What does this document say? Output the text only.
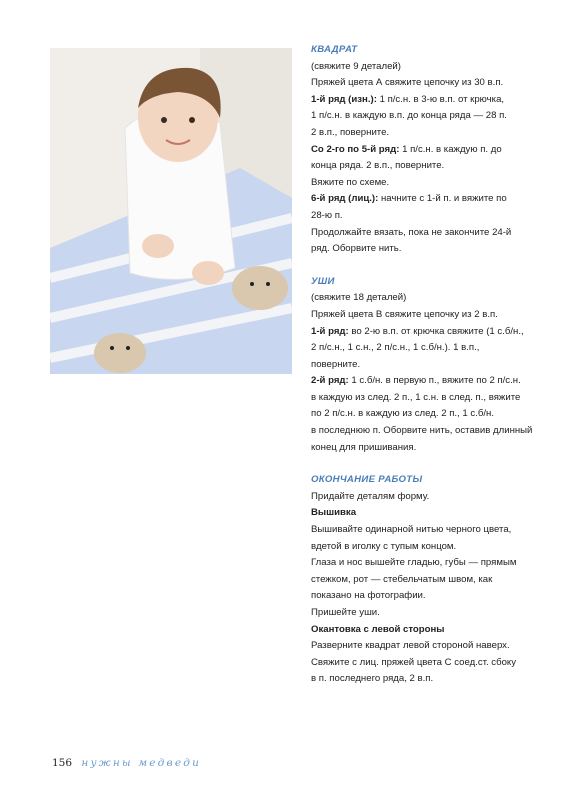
КВАДРАТ
(свяжите 9 деталей)
Пряжей цвета А свяжите цепочку из 30 в.п.
1-й ряд (изн.): 1 п/с.н. в 3-ю в.п. от крючка,
1 п/с.н. в каждую в.п. до конца ряда — 28 п.
2 в.п., поверните.
Со 2-го по 5-й ряд: 1 п/с.н. в каждую п. до
конца ряда. 2 в.п., поверните.
Вяжите по схеме.
6-й ряд (лиц.): начните с 1-й п. и вяжите по
28-ю п.
Продолжайте вязать, пока не закончите 24-й
ряд. Оборвите нить.
УШИ
(свяжите 18 деталей)
Пряжей цвета В свяжите цепочку из 2 в.п.
1-й ряд: во 2-ю в.п. от крючка свяжите (1 с.б/н.,
2 п/с.н., 1 с.н., 2 п/с.н., 1 с.б/н.). 1 в.п.,
поверните.
2-й ряд: 1 с.б/н. в первую п., вяжите по 2 п/с.н.
в каждую из след. 2 п., 1 с.н. в след. п., вяжите
по 2 п/с.н. в каждую из след. 2 п., 1 с.б/н.
в последнюю п. Оборвите нить, оставив длинный
конец для пришивания.
ОКОНЧАНИЕ РАБОТЫ
Придайте деталям форму.
Вышивка
Вышивайте одинарной нитью черного цвета,
вдетой в иголку с тупым концом.
Глаза и нос вышейте гладью, губы — прямым
стежком, рот — стебельчатым швом, как
показано на фотографии.
Пришейте уши.
Окантовка с левой стороны
Разверните квадрат левой стороной наверх.
Свяжите с лиц. пряжей цвета С соед.ст. сбоку
в п. последнего ряда, 2 в.п.
156 нужны медведи
